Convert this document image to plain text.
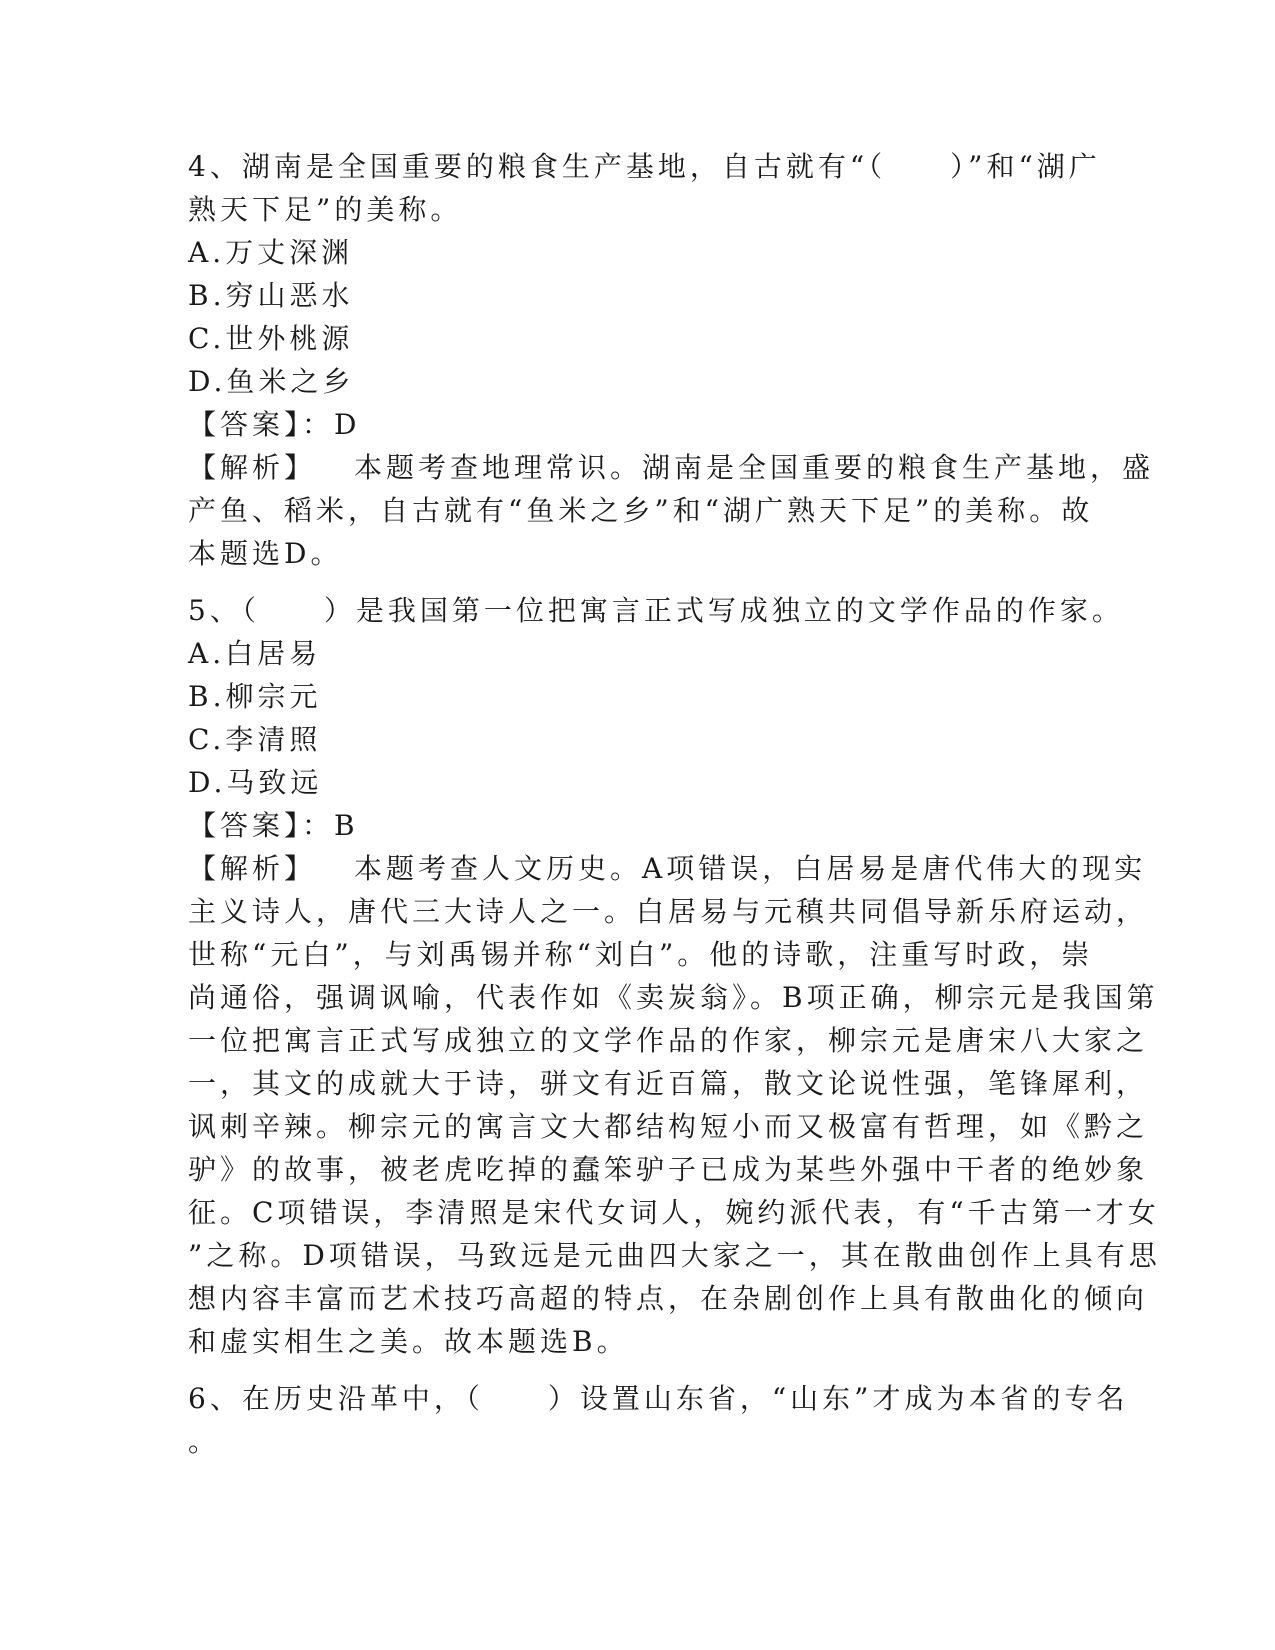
4、湖南是全国重要的粮食生产基地，自古就有“（　　）”和“湖广
熟天下足”的美称。
A.万丈深渊
B.穷山恶水
C.世外桃源
D.鱼米之乡
【答案】：D
【解析】 本题考查地理常识。湖南是全国重要的粮食生产基地，盛
产鱼、稻米，自古就有“鱼米之乡”和“湖广熟天下足”的美称。故
本题选D。
5、（　　）是我国第一位把寓言正式写成独立的文学作品的作家。
A.白居易
B.柳宗元
C.李清照
D.马致远
【答案】：B
【解析】 本题考查人文历史。A项错误，白居易是唐代伟大的现实
主义诗人，唐代三大诗人之一。白居易与元稹共同倡导新乐府运动，
世称“元白”，与刘禹锡并称“刘白”。他的诗歌，注重写时政，崇
尚通俗，强调讽喻，代表作如《卖炭翁》。B项正确，柳宗元是我国第
一位把寓言正式写成独立的文学作品的作家，柳宗元是唐宋八大家之
一，其文的成就大于诗，骈文有近百篇，散文论说性强，笔锋犀利，
讽刺辛辣。柳宗元的寓言文大都结构短小而又极富有哲理，如《黔之
驴》的故事，被老虎吃掉的蠢笨驴子已成为某些外强中干者的绝妙象
征。C项错误，李清照是宋代女词人，婉约派代表，有“千古第一才女
”之称。D项错误，马致远是元曲四大家之一，其在散曲创作上具有思
想内容丰富而艺术技巧高超的特点，在杂剧创作上具有散曲化的倾向
和虚实相生之美。故本题选B。
6、在历史沿革中，（　　）设置山东省，“山东”才成为本省的专名
。
